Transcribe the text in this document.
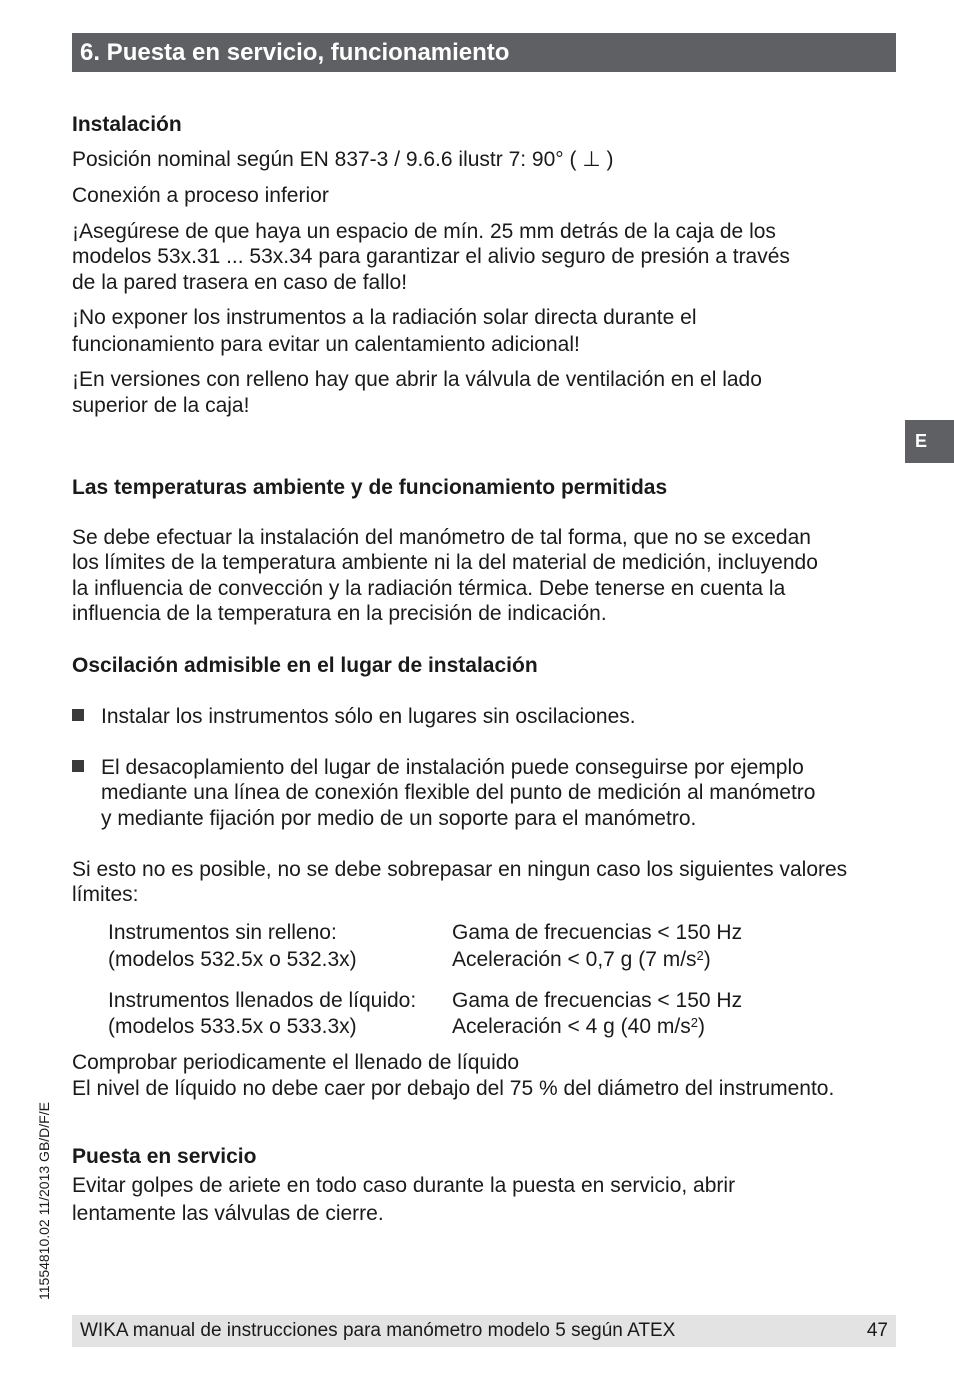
6. Puesta en servicio, funcionamiento
E
11554810.02 11/2013 GB/D/F/E
Instalación
Posición nominal según EN 837-3 / 9.6.6 ilustr 7: 90° ( ⊥ )
Conexión a proceso inferior
¡Asegúrese de que haya un espacio de mín. 25 mm detrás de la caja de los
modelos 53x.31 ... 53x.34 para garantizar el alivio seguro de presión a través
de la pared trasera en caso de fallo!
¡No exponer los instrumentos a la radiación solar directa durante el
funcionamiento para evitar un calentamiento adicional!
¡En versiones con relleno hay que abrir la válvula de ventilación en el lado
superior de la caja!
Las temperaturas ambiente y de funcionamiento permitidas
Se debe efectuar la instalación del manómetro de tal forma, que no se excedan
los límites de la temperatura ambiente ni la del material de medición, incluyendo
la influencia de convección y la radiación térmica. Debe tenerse en cuenta la
influencia de la temperatura en la precisión de indicación.
Oscilación admisible en el lugar de instalación
Instalar los instrumentos sólo en lugares sin oscilaciones.
El desacoplamiento del lugar de instalación puede conseguirse por ejemplo
mediante una línea de conexión flexible del punto de medición al manómetro
y mediante fijación por medio de un soporte para el manómetro.
Si esto no es posible, no se debe sobrepasar en ningun caso los siguientes valores
límites:
Instrumentos sin relleno:
(modelos 532.5x o 532.3x)
Gama de frecuencias < 150 Hz
Aceleración < 0,7 g (7 $m/s^2$)
Instrumentos llenados de líquido:
(modelos 533.5x o 533.3x)
Gama de frecuencias < 150 Hz
Aceleración < 4 g (40 $m/s^2$)
Comprobar periodicamente el llenado de líquido
El nivel de líquido no debe caer por debajo del 75 % del diámetro del instrumento.
Puesta en servicio
Evitar golpes de ariete en todo caso durante la puesta en servicio, abrir
lentamente las válvulas de cierre.
WIKA manual de instrucciones para manómetro modelo 5 según ATEX	47
